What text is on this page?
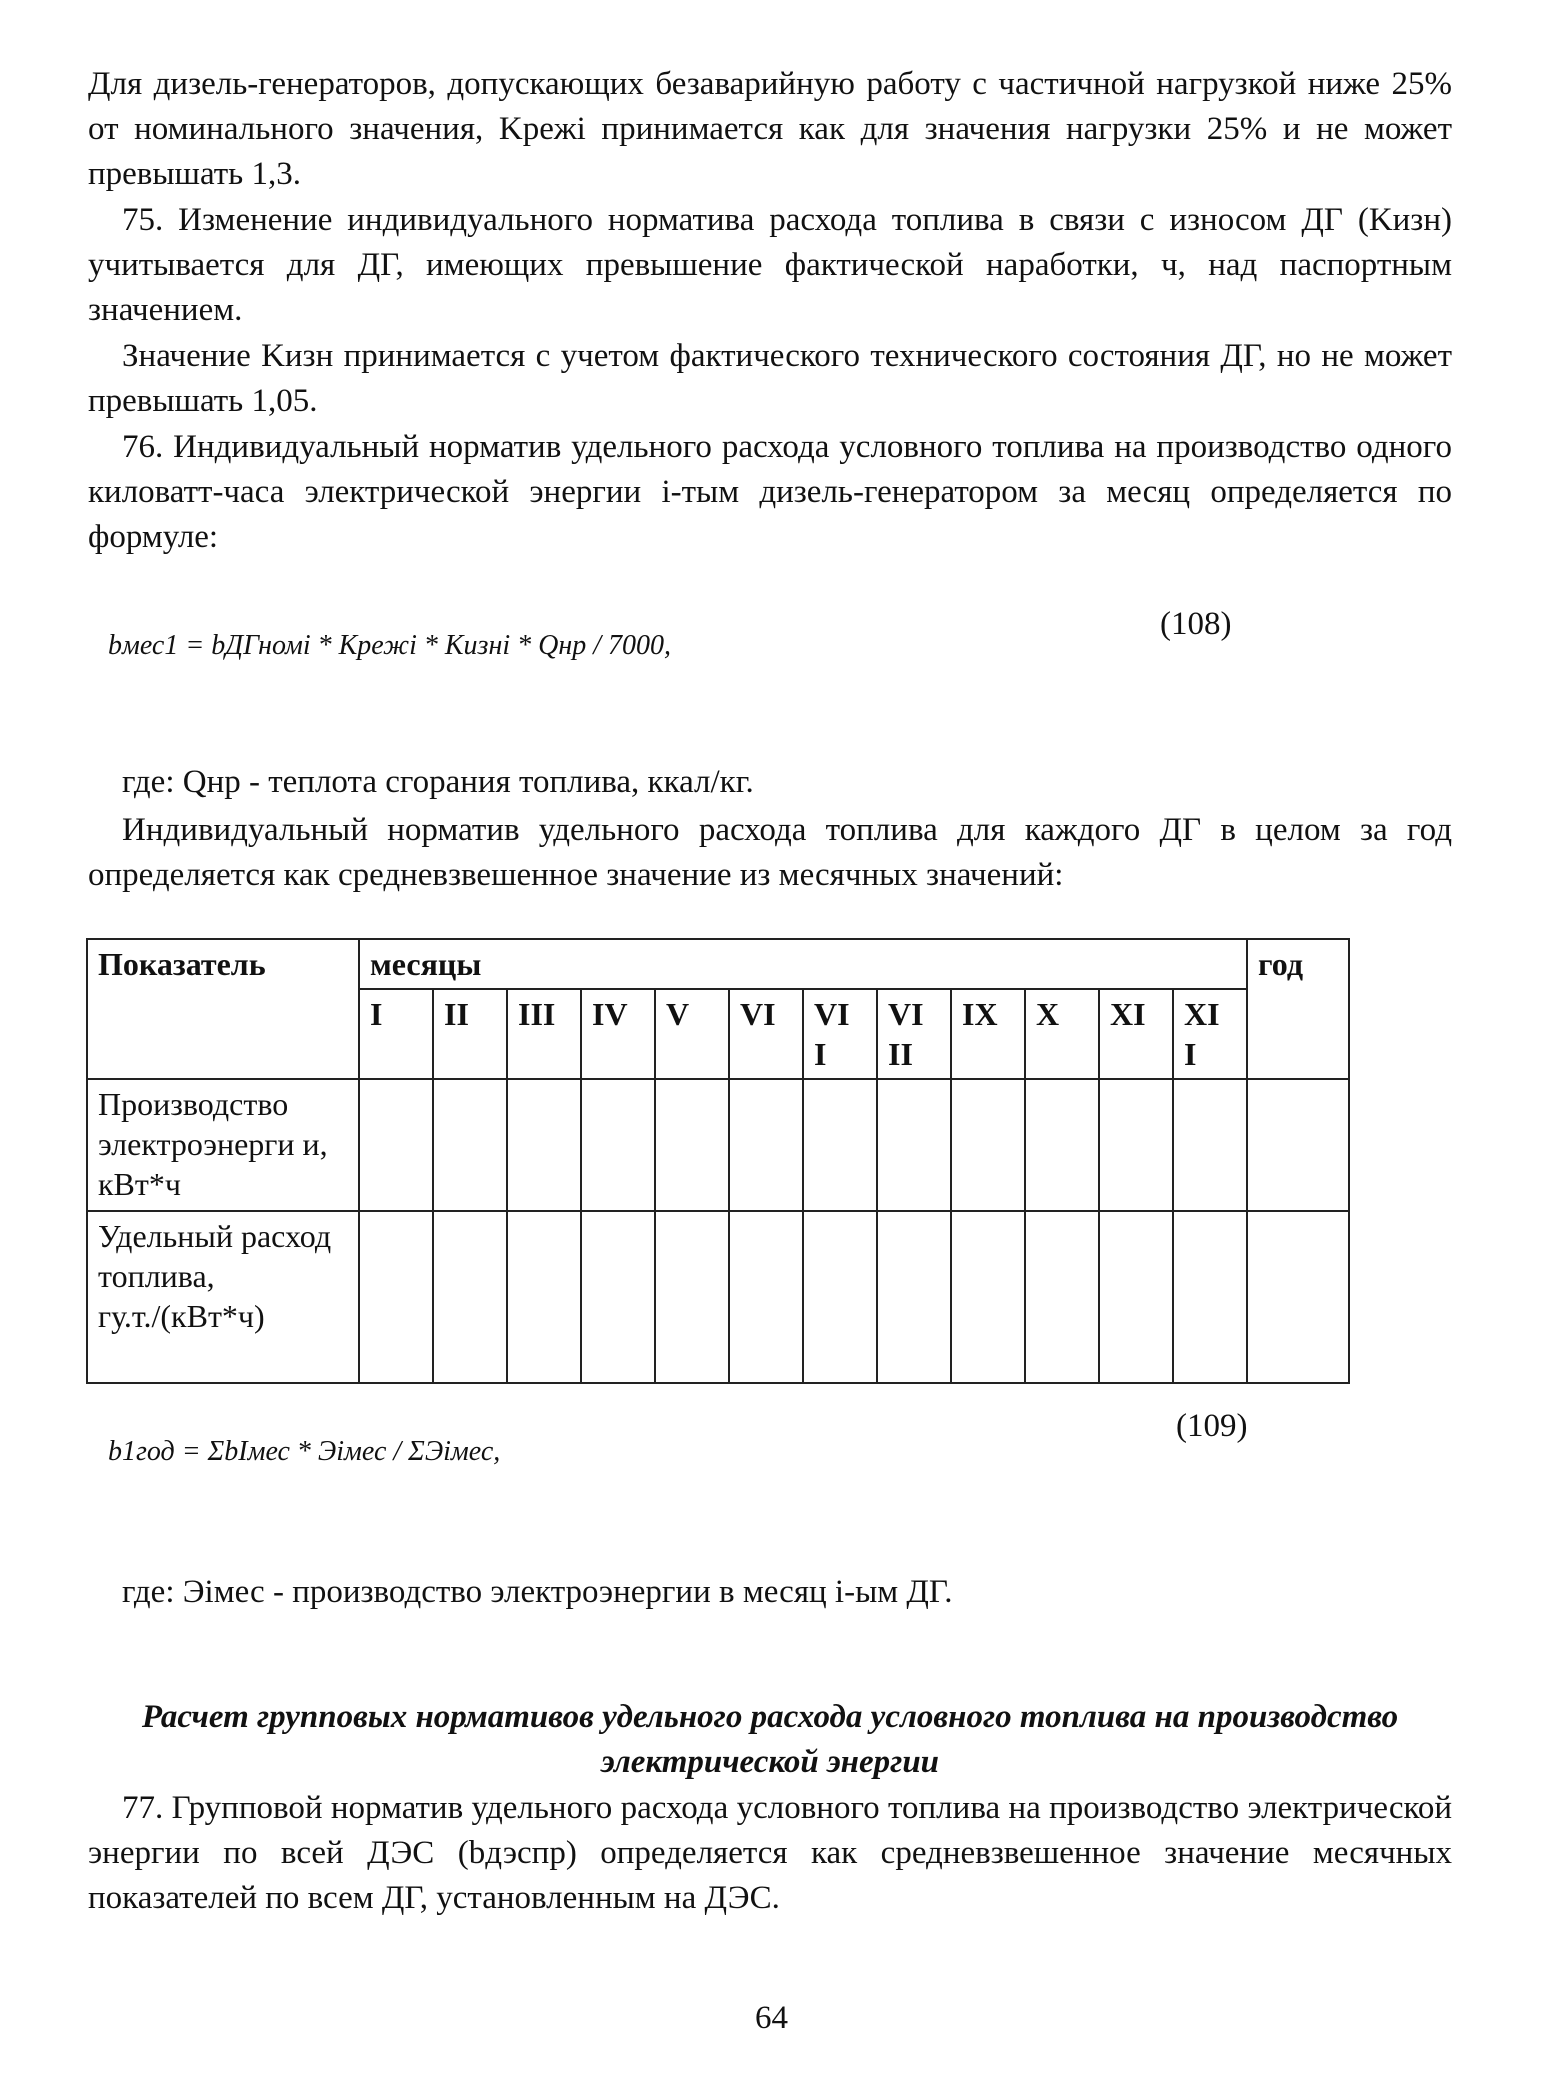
Для дизель-генераторов, допускающих безаварийную работу с частичной нагрузкой ниже 25% от номинального значения, Kрежі принимается как для значения нагрузки 25% и не может превышать 1,3.
75. Изменение индивидуального норматива расхода топлива в связи с износом ДГ (Kизн) учитывается для ДГ, имеющих превышение фактической наработки, ч, над паспортным значением.
Значение Kизн принимается с учетом фактического технического состояния ДГ, но не может превышать 1,05.
76. Индивидуальный норматив удельного расхода условного топлива на производство одного киловатт-часа электрической энергии і-тым дизель-генератором за месяц определяется по формуле:
bмес1 = bДГномі * Kрежі * Kизні * Qнр / 7000,
(108)
где: Qнр - теплота сгорания топлива, ккал/кг.
Индивидуальный норматив удельного расхода топлива для каждого ДГ в целом за год определяется как средневзвешенное значение из месячных значений:
Показатель	месяцы												год
	I	II	III	IV	V	VI	VI I	VI II	IX	X	XI	XI I	
Производство электроэнерги и, кВт*ч													
Удельный расход топлива, гу.т./(кВт*ч)													
b1год = ΣbІмес * Эімес / ΣЭімес,
(109)
где: Эімес - производство электроэнергии в месяц і-ым ДГ.
Расчет групповых нормативов удельного расхода условного топлива на производство электрической энергии
77. Групповой норматив удельного расхода условного топлива на производство электрической энергии по всей ДЭС (bдэспр) определяется как средневзвешенное значение месячных показателей по всем ДГ, установленным на ДЭС.
64
